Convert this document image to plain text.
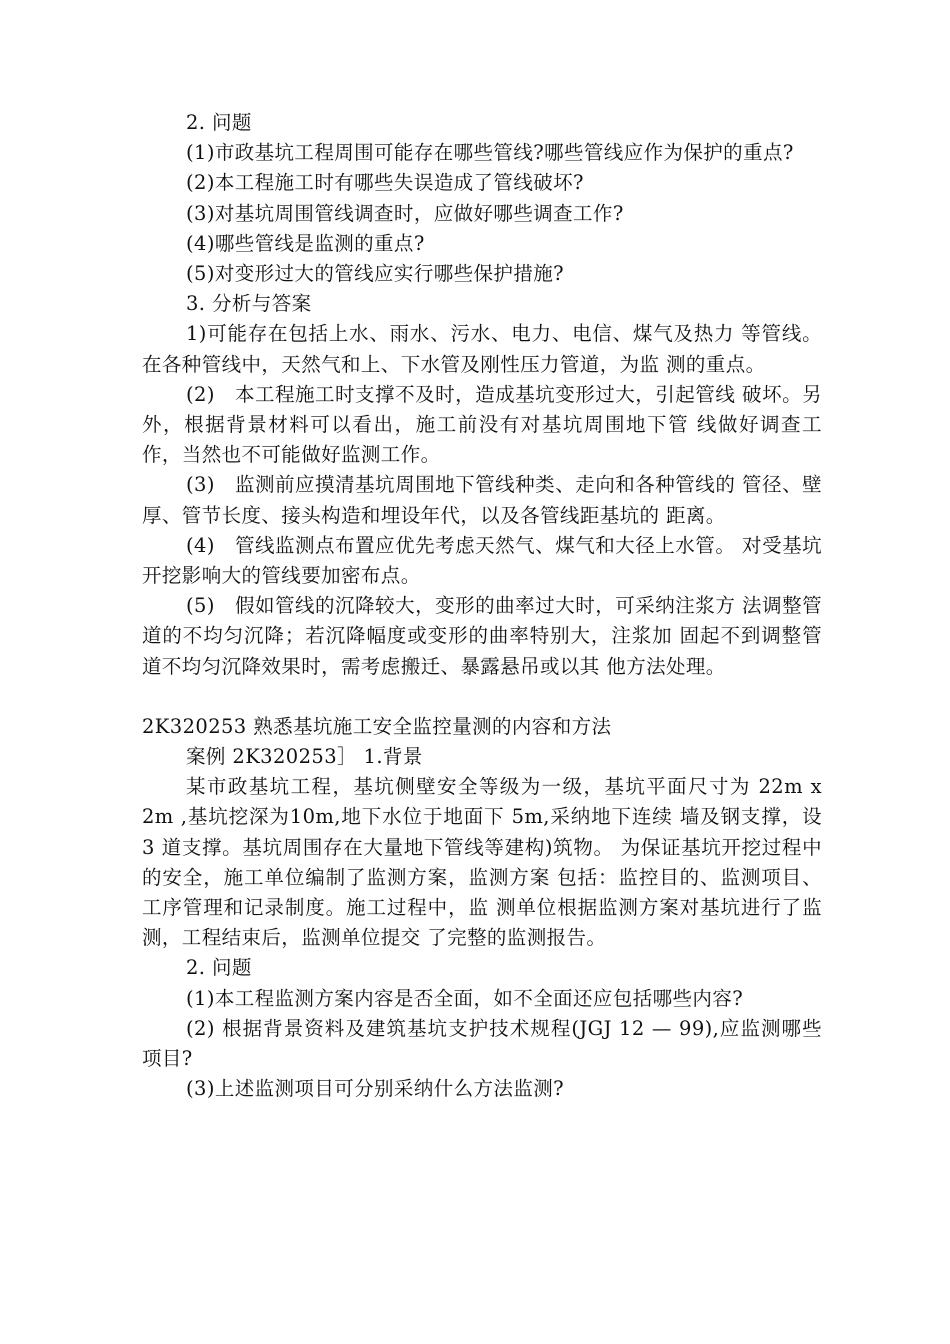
2. 问题

(1)市政基坑工程周围可能存在哪些管线?哪些管线应作为保护的重点?

(2)本工程施工时有哪些失误造成了管线破坏?

(3)对基坑周围管线调查时，应做好哪些调查工作?

(4)哪些管线是监测的重点?

(5)对变形过大的管线应实行哪些保护措施?

3. 分析与答案

1)可能存在包括上水、雨水、污水、电力、电信、煤气及热力 等管线。在各种管线中，天然气和上、下水管及刚性压力管道，为监 测的重点。

(2)　本工程施工时支撑不及时，造成基坑变形过大，引起管线 破坏。另外，根据背景材料可以看出，施工前没有对基坑周围地下管 线做好调查工作，当然也不可能做好监测工作。

(3)　监测前应摸清基坑周围地下管线种类、走向和各种管线的 管径、壁厚、管节长度、接头构造和埋设年代，以及各管线距基坑的 距离。

(4)　管线监测点布置应优先考虑天然气、煤气和大径上水管。 对受基坑开挖影响大的管线要加密布点。

(5)　假如管线的沉降较大，变形的曲率过大时，可采纳注浆方 法调整管道的不均匀沉降；若沉降幅度或变形的曲率特别大，注浆加 固起不到调整管道不均匀沉降效果时，需考虑搬迁、暴露悬吊或以其 他方法处理。

2K320253 熟悉基坑施工安全监控量测的内容和方法

案例 2K320253］ 1.背景

某市政基坑工程，基坑侧壁安全等级为一级，基坑平面尺寸为 22m x 2m ,基坑挖深为10m,地下水位于地面下 5m,采纳地下连续 墙及钢支撑，设 3 道支撑。基坑周围存在大量地下管线等建构)筑物。 为保证基坑开挖过程中的安全，施工单位编制了监测方案，监测方案 包括：监控目的、监测项目、工序管理和记录制度。施工过程中，监 测单位根据监测方案对基坑进行了监测，工程结束后，监测单位提交 了完整的监测报告。

2. 问题

(1)本工程监测方案内容是否全面，如不全面还应包括哪些内容?

(2) 根据背景资料及建筑基坑支护技术规程(JGJ 12 — 99),应监测哪些项目?

(3)上述监测项目可分别采纳什么方法监测?
